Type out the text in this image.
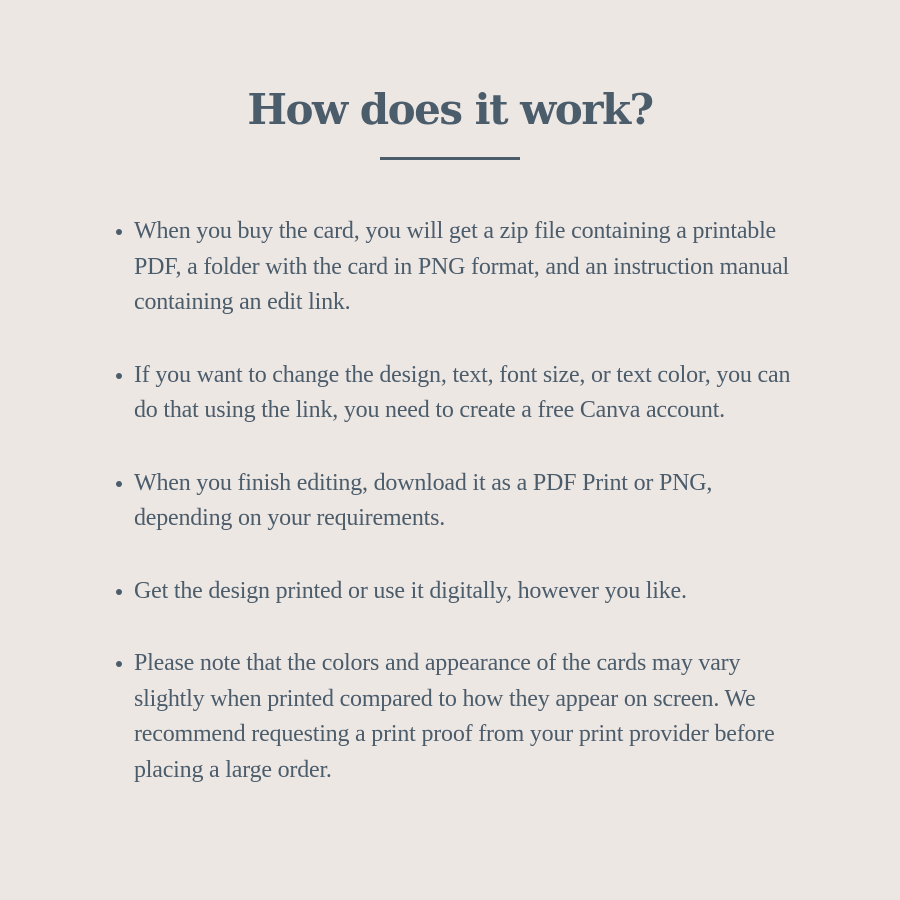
How does it work?
When you buy the card, you will get a zip file containing a printable PDF, a folder with the card in PNG format, and an instruction manual containing an edit link.
If you want to change the design, text, font size, or text color, you can do that using the link, you need to create a free Canva account.
When you finish editing, download it as a PDF Print or PNG, depending on your requirements.
Get the design printed or use it digitally, however you like.
Please note that the colors and appearance of the cards may vary slightly when printed compared to how they appear on screen. We recommend requesting a print proof from your print provider before placing a large order.
